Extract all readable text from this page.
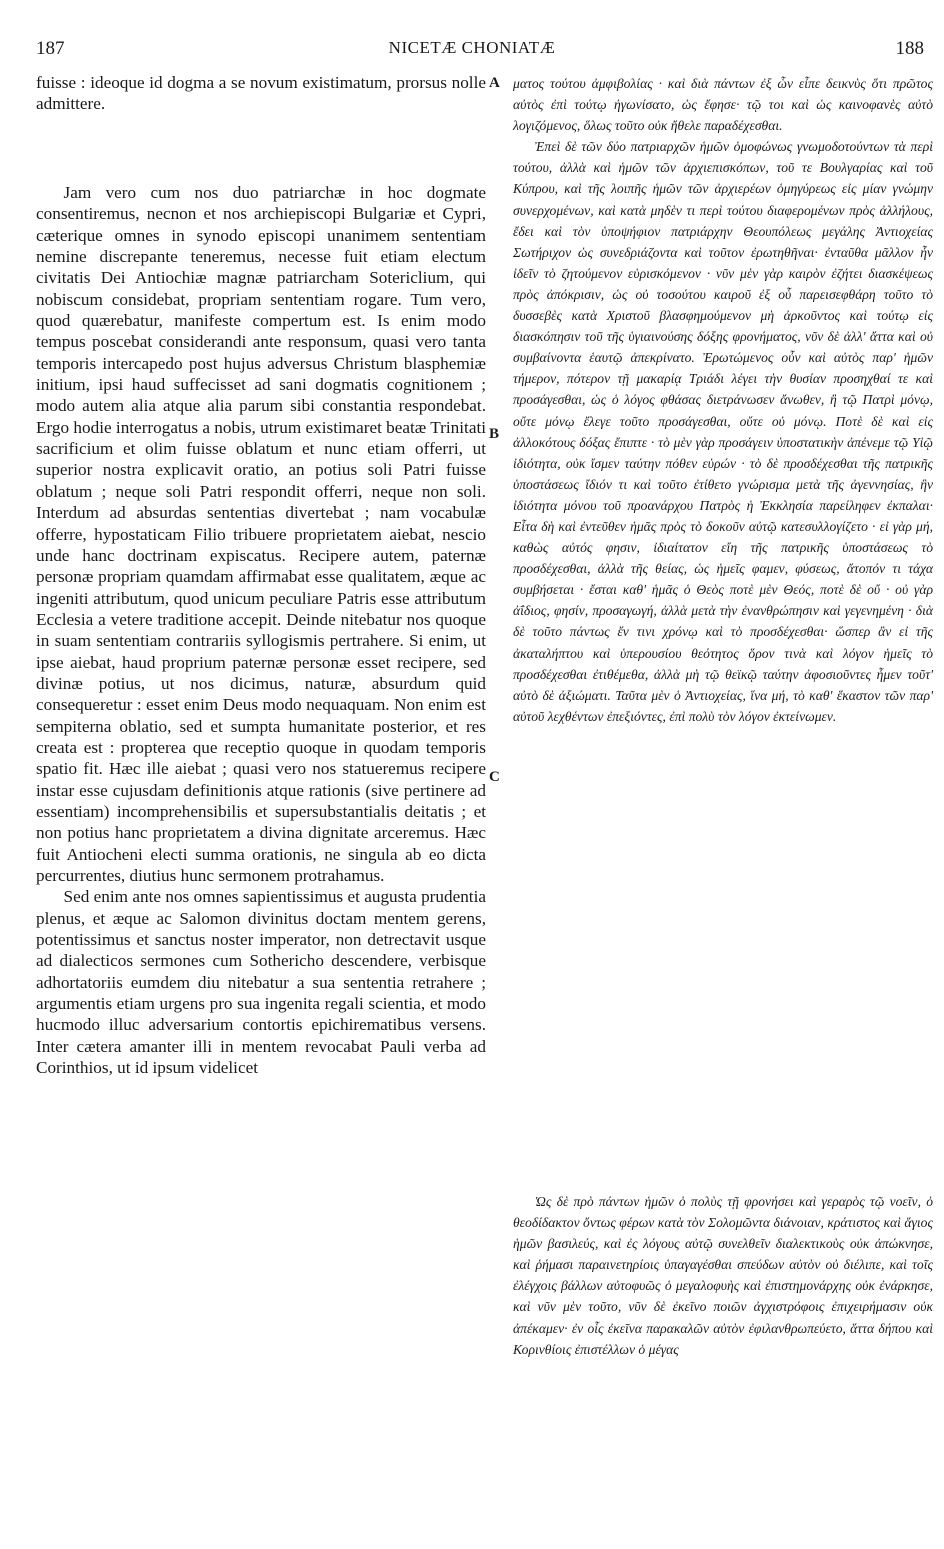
187	NICETÆ CHONIATÆ	188
A
B
C

fuisse : ideoque id dogma a se novum existimatum, prorsus nolle admittere.

Jam vero cum nos duo patriarchæ in hoc dogmate consentiremus, necnon et nos archiepiscopi Bulgariæ et Cypri, cæterique omnes in synodo episcopi unanimem sententiam nemine discrepante teneremus, necesse fuit etiam electum civitatis Dei Antiochiæ magnæ patriarcham Sotericlium, qui nobiscum considebat, propriam sententiam rogare. Tum vero, quod quærebatur, manifeste compertum est. Is enim modo tempus poscebat considerandi ante responsum, quasi vero tanta temporis intercapedo post hujus adversus Christum blasphemiæ initium, ipsi haud suffecisset ad sani dogmatis cognitionem ; modo autem alia atque alia parum sibi constantia respondebat. Ergo hodie interrogatus a nobis, utrum existimaret beatæ Trinitati sacrificium et olim fuisse oblatum et nunc etiam offerri, ut superior nostra explicavit oratio, an potius soli Patri fuisse oblatum ; neque soli Patri respondit offerri, neque non soli. Interdum ad absurdas sententias divertebat ; nam vocabulæ offerre, hypostaticam Filio tribuere proprietatem aiebat, nescio unde hanc doctrinam expiscatus. Recipere autem, paternæ personæ propriam quamdam affirmabat esse qualitatem, æque ac ingeniti attributum, quod unicum peculiare Patris esse attributum Ecclesia a vetere traditione accepit. Deinde nitebatur nos quoque in suam sententiam contrariis syllogismis pertrahere. Si enim, ut ipse aiebat, haud proprium paternæ personæ esset recipere, sed divinæ potius, ut nos dicimus, naturæ, absurdum quid consequeretur : esset enim Deus modo nequaquam. Non enim est sempiterna oblatio, sed et sumpta humanitate posterior, et res creata est : propterea que receptio quoque in quodam temporis spatio fit. Hæc ille aiebat ; quasi vero nos statueremus recipere instar esse cujusdam definitionis atque rationis (sive pertinere ad essentiam) incomprehensibilis et supersubstantialis deitatis ; et non potius hanc proprietatem a divina dignitate arceremus. Hæc fuit Antiocheni electi summa orationis, ne singula ab eo dicta percurrentes, diutius hunc sermonem protrahamus.

Sed enim ante nos omnes sapientissimus et augusta prudentia plenus, et æque ac Salomon divinitus doctam mentem gerens, potentissimus et sanctus noster imperator, non detrectavit usque ad dialecticos sermones cum Sothericho descendere, verbisque adhortatoriis eumdem diu nitebatur a sua sententia retrahere ; argumentis etiam urgens pro sua ingenita regali scientia, et modo hucmodo illuc adversarium contortis epichirematibus versens. Inter cætera amanter illi in mentem revocabat Pauli verba ad Corinthios, ut id ipsum videlicet

ματος τούτου ἀμφιβολίας · καὶ διὰ πάντων ἐξ ὧν εἶπε δεικνὺς ὅτι πρῶτος αὐτὸς ἐπὶ τούτῳ ἠγωνίσατο, ὡς ἔφησε· τῷ τοι καὶ ὡς καινοφανὲς αὐτὸ λογιζόμενος, ὅλως τοῦτο οὐκ ἤθελε παραδέχεσθαι.

Ἐπεὶ δὲ τῶν δύο πατριαρχῶν ἡμῶν ὁμοφώνως γνωμοδοτούντων τὰ περὶ τούτου, ἀλλὰ καὶ ἡμῶν τῶν ἀρχιεπισκόπων, τοῦ τε Βουλγαρίας καὶ τοῦ Κύπρου, καὶ τῆς λοιπῆς ἡμῶν τῶν ἀρχιερέων ὁμηγύρεως εἰς μίαν γνώμην συνερχομένων, καὶ κατὰ μηδὲν τι περὶ τούτου διαφερομένων πρὸς ἀλλήλους, ἔδει καὶ τὸν ὑποψήφιον πατριάρχην Θεουπόλεως μεγάλης Ἀντιοχείας Σωτήριχον ὡς συνεδριάζοντα καὶ τοῦτον ἐρωτηθῆναι· ἐνταῦθα μᾶλλον ἦν ἰδεῖν τὸ ζητούμενον εὑρισκόμενον · νῦν μὲν γὰρ καιρὸν ἐζήτει διασκέψεως πρὸς ἀπόκρισιν, ὡς οὐ τοσούτου καιροῦ ἐξ οὗ παρεισεφθάρη τοῦτο τὸ δυσσεβὲς κατὰ Χριστοῦ βλασφημούμενον μὴ ἀρκοῦντος καὶ τούτῳ εἰς διασκόπησιν τοῦ τῆς ὑγιαινούσης δόξης φρονήματος, νῦν δὲ ἀλλ' ἄττα καὶ οὐ συμβαίνοντα ἑαυτῷ ἀπεκρίνατο. Ἐρωτώμενος οὖν καὶ αὐτὸς παρ' ἡμῶν τήμερον, πότερον τῇ μακαρίᾳ Τριάδι λέγει τὴν θυσίαν προσηχθαί τε καὶ προσάγεσθαι, ὡς ὁ λόγος φθάσας διετράνωσεν ἄνωθεν, ἢ τῷ Πατρὶ μόνῳ, οὔτε μόνῳ ἔλεγε τοῦτο προσάγεσθαι, οὔτε οὐ μόνῳ. Ποτὲ δὲ καὶ εἰς ἀλλοκότους δόξας ἔπιπτε · τὸ μὲν γὰρ προσάγειν ὑποστατικὴν ἀπένεμε τῷ Υἱῷ ἰδιότητα, οὐκ ἴσμεν ταύτην πόθεν εὑρών · τὸ δὲ προσδέχεσθαι τῆς πατρικῆς ὑποστάσεως ἴδιόν τι καὶ τοῦτο ἐτίθετο γνώρισμα μετὰ τῆς ἀγεννησίας, ἣν ἰδιότητα μόνου τοῦ προανάρχου Πατρὸς ἡ Ἐκκλησία παρείληφεν ἐκπαλαι· Εἶτα δὴ καὶ ἐντεῦθεν ἡμᾶς πρὸς τὸ δοκοῦν αὐτῷ κατεσυλλογίζετο · εἰ γὰρ μή, καθὼς αὐτός φησιν, ἰδιαίτατον εἴη τῆς πατρικῆς ὑποστάσεως τὸ προσδέχεσθαι, ἀλλὰ τῆς θείας, ὡς ἡμεῖς φαμεν, φύσεως, ἄτοπόν τι τάχα συμβήσεται · ἔσται καθ' ἡμᾶς ὁ Θεὸς ποτὲ μὲν Θεός, ποτὲ δὲ οὔ · οὐ γὰρ ἀΐδιος, φησίν, προσαγωγή, ἀλλὰ μετὰ τὴν ἐνανθρώπησιν καὶ γεγενημένη · διὰ δὲ τοῦτο πάντως ἔν τινι χρόνῳ καὶ τὸ προσδέχεσθαι· ὥσπερ ἂν εἰ τῆς ἀκαταλήπτου καὶ ὑπερουσίου θεότητος ὅρον τινὰ καὶ λόγον ἡμεῖς τὸ προσδέχεσθαι ἐτιθέμεθα, ἀλλὰ μὴ τῷ θεϊκῷ ταύτην ἀφοσιοῦντες ἦμεν τοῦτ' αὐτὸ δὲ ἀξιώματι. Ταῦτα μὲν ὁ Ἀντιοχείας, ἵνα μή, τὸ καθ' ἕκαστον τῶν παρ' αὐτοῦ λεχθέντων ἐπεξιόντες, ἐπὶ πολὺ τὸν λόγον ἐκτείνωμεν.

Ὡς δὲ πρὸ πάντων ἡμῶν ὁ πολὺς τῇ φρονήσει καὶ γεραρὸς τῷ νοεῖν, ὁ θεοδίδακτον ὄντως φέρων κατὰ τὸν Σολομῶντα διάνοιαν, κράτιστος καὶ ἅγιος ἡμῶν βασιλεύς, καὶ ἐς λόγους αὐτῷ συνελθεῖν διαλεκτικοὺς οὐκ ἀπώκνησε, καὶ ῥήμασι παραινετηρίοις ὑπαγαγέσθαι σπεύδων αὐτὸν οὐ διέλιπε, καὶ τοῖς ἐλέγχοις βάλλων αὐτοφυῶς ὁ μεγαλοφυὴς καὶ ἐπιστημονάρχης οὐκ ἐνάρκησε, καὶ νῦν μὲν τοῦτο, νῦν δὲ ἐκεῖνο ποιῶν ἀγχιστρόφοις ἐπιχειρήμασιν οὐκ ἀπέκαμεν· ἐν οἷς ἐκεῖνα παρακαλῶν αὐτὸν ἐφιλανθρωπεύετο, ἅττα δήπου καὶ Κορινθίοις ἐπιστέλλων ὁ μέγας
